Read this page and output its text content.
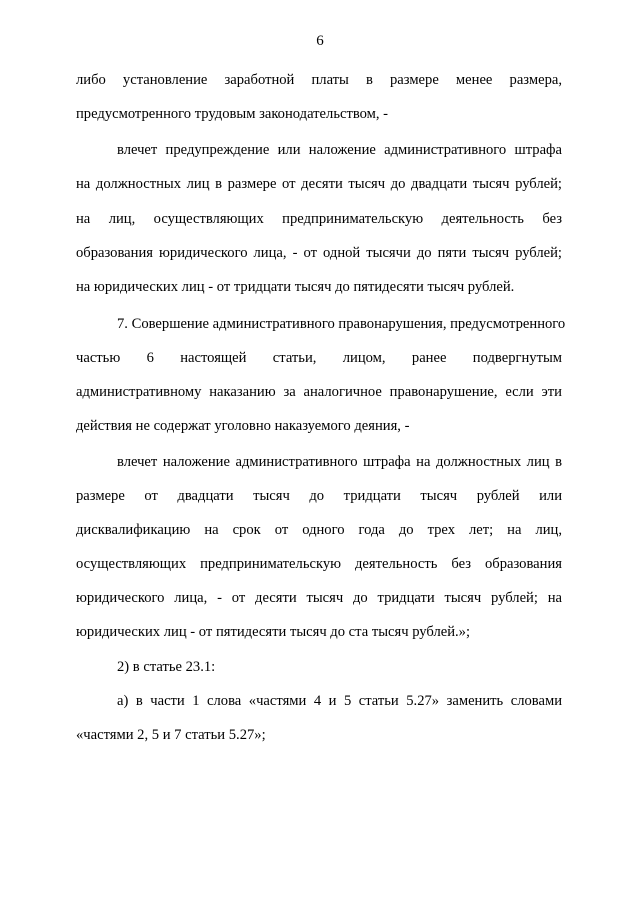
6
либо установление заработной платы в размере менее размера,
предусмотренного трудовым законодательством, -
влечет предупреждение или наложение административного штрафа
на должностных лиц в размере от десяти тысяч до двадцати тысяч рублей;
на лиц, осуществляющих предпринимательскую деятельность без
образования юридического лица, - от одной тысячи до пяти тысяч рублей;
на юридических лиц - от тридцати тысяч до пятидесяти тысяч рублей.
7. Совершение административного правонарушения, предусмотренного
частью 6 настоящей статьи, лицом, ранее подвергнутым
административному наказанию за аналогичное правонарушение, если эти
действия не содержат уголовно наказуемого деяния, -
влечет наложение административного штрафа на должностных лиц в
размере от двадцати тысяч до тридцати тысяч рублей или
дисквалификацию на срок от одного года до трех лет; на лиц,
осуществляющих предпринимательскую деятельность без образования
юридического лица, - от десяти тысяч до тридцати тысяч рублей; на
юридических лиц - от пятидесяти тысяч до ста тысяч рублей.»;
2) в статье 23.1:
а) в части 1 слова «частями 4 и 5 статьи 5.27» заменить словами
«частями 2, 5 и 7 статьи 5.27»;
